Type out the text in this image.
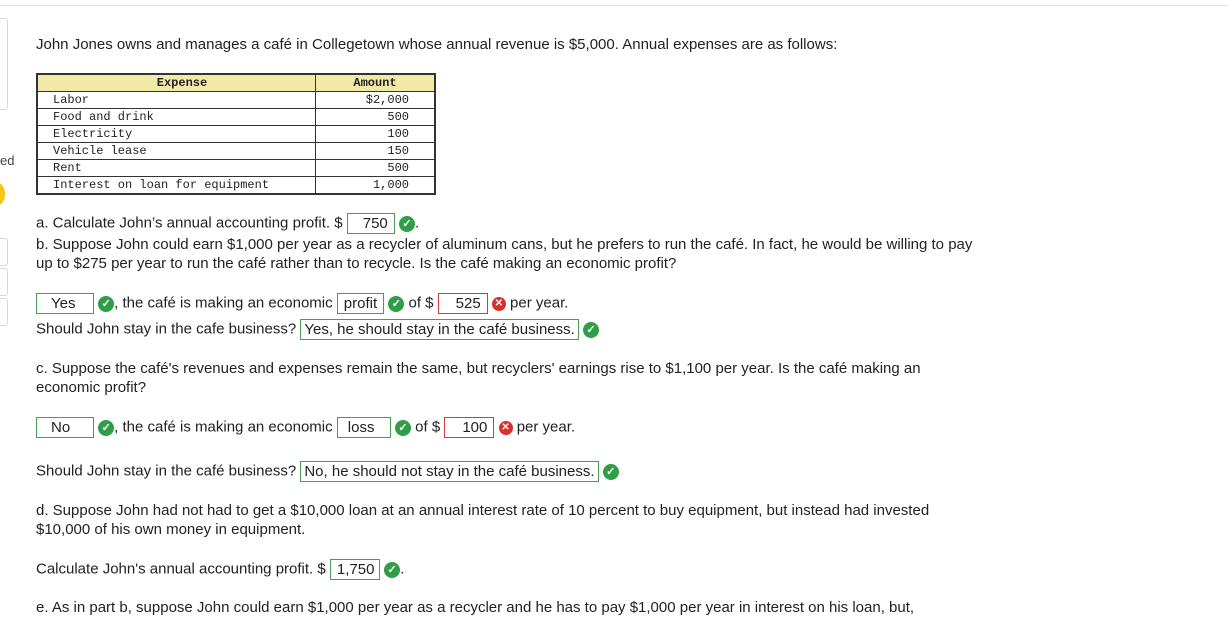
ed
John Jones owns and manages a café in Collegetown whose annual revenue is $5,000. Annual expenses are as follows:
Expense	Amount
Labor	$2,000
Food and drink	500
Electricity	100
Vehicle lease	150
Rent	500
Interest on loan for equipment	1,000
a. Calculate John’s annual accounting profit. $ 750 ✓ .
b. Suppose John could earn $1,000 per year as a recycler of aluminum cans, but he prefers to run the café. In fact, he would be willing to pay up to $275 per year to run the café rather than to recycle. Is the café making an economic profit?
Yes ✓ , the café is making an economic profit ✓ of $ 525 ✕ per year.
Should John stay in the cafe business? Yes, he should stay in the café business. ✓
c. Suppose the café's revenues and expenses remain the same, but recyclers' earnings rise to $1,100 per year. Is the café making an economic profit?
No	✓ , the café is making an economic loss ✓ of $ 100 ✕ per year.
Should John stay in the café business? No, he should not stay in the café business. ✓
d. Suppose John had not had to get a $10,000 loan at an annual interest rate of 10 percent to buy equipment, but instead had invested $10,000 of his own money in equipment.
Calculate John's annual accounting profit. $ 1,750 ✓ .
e. As in part b, suppose John could earn $1,000 per year as a recycler and he has to pay $1,000 per year in interest on his loan, but,
